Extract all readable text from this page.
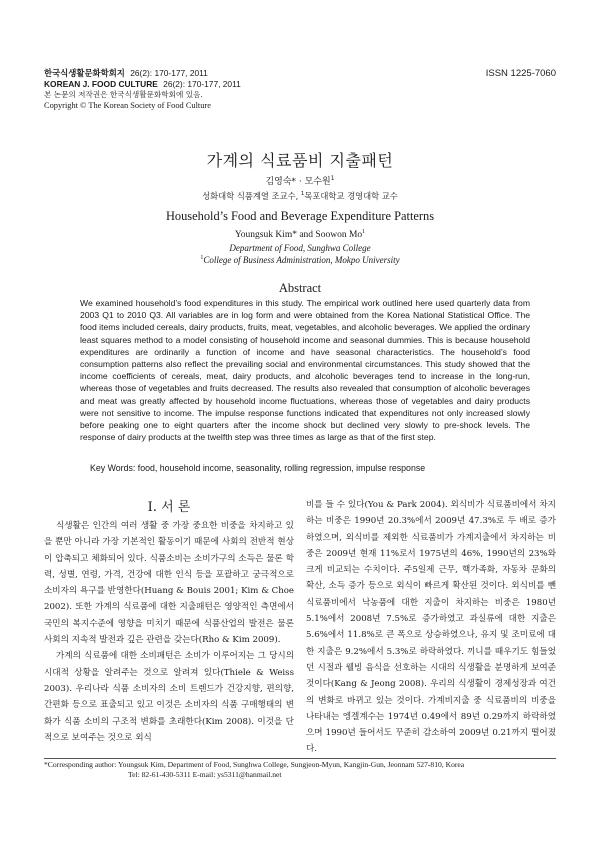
한국식생활문화학회지 26(2): 170-177, 2011
KOREAN J. FOOD CULTURE 26(2): 170-177, 2011
본 논문의 저작권은 한국식생활문화학회에 있음.
Copyright © The Korean Society of Food Culture
ISSN 1225-7060
가계의 식료품비 지출패턴
김영숙* · 모수원$^1$
성화대학 식품계열 조교수, $^1$목포대학교 경영대학 교수
Household’s Food and Beverage Expenditure Patterns
Youngsuk Kim* and Soowon Mo$^1$
Department of Food, Sunghwa College
$^1$College of Business Administration, Mokpo University
Abstract
We examined household’s food expenditures in this study. The empirical work outlined here used quarterly data from 2003 Q1 to 2010 Q3. All variables are in log form and were obtained from the Korea National Statistical Office. The food items included cereals, dairy products, fruits, meat, vegetables, and alcoholic beverages. We applied the ordinary least squares method to a model consisting of household income and seasonal dummies. This is because household expenditures are ordinarily a function of income and have seasonal characteristics. The household’s food consumption patterns also reflect the prevailing social and environmental circumstances. This study showed that the income coefficients of cereals, meat, dairy products, and alcoholic beverages tend to increase in the long-run, whereas those of vegetables and fruits decreased. The results also revealed that consumption of alcoholic beverages and meat was greatly affected by household income fluctuations, whereas those of vegetables and dairy products were not sensitive to income. The impulse response functions indicated that expenditures not only increased slowly before peaking one to eight quarters after the income shock but declined very slowly to pre-shock levels. The response of dairy products at the twelfth step was three times as large as that of the first step.
Key Words: food, household income, seasonality, rolling regression, impulse response
Ⅰ. 서 론

식생활은 인간의 여러 생활 중 가장 중요한 비중을 차지하고 있을 뿐만 아니라 가장 기본적인 활동이기 때문에 사회의 전반적 현상이 압축되고 체화되어 있다. 식품소비는 소비가구의 소득은 물론 학력, 성별, 연령, 가격, 건강에 대한 인식 등을 포괄하고 궁극적으로 소비자의 욕구를 반영한다(Huang & Bouis 2001; Kim & Choe 2002). 또한 가계의 식료품에 대한 지출패턴은 영양적인 측면에서 국민의 복지수준에 영향을 미치기 때문에 식품산업의 발전은 물론 사회의 지속적 발전과 깊은 관련을 갖는다(Rho & Kim 2009).

가계의 식료품에 대한 소비패턴은 소비가 이루어지는 그 당시의 시대적 상황을 알려주는 것으로 알려져 있다(Thiele & Weiss 2003). 우리나라 식품 소비자의 소비 트렌드가 건강지향, 편의향, 간편화 등으로 표출되고 있고 이것은 소비자의 식품 구매행태의 변화가 식품 소비의 구조적 변화를 초래한다(Kim 2008). 이것을 단적으로 보여주는 것으로 외식

비를 들 수 있다(You & Park 2004). 외식비가 식료품비에서 차지하는 비중은 1990년 20.3%에서 2009년 47.3%로 두 배로 증가하였으며, 외식비를 제외한 식료품비가 가계지출에서 차지하는 비중은 2009년 현재 11%로서 1975년의 46%, 1990년의 23%와 크게 비교되는 수치이다. 주5일제 근무, 핵가족화, 자동차 문화의 확산, 소득 증가 등으로 외식이 빠르게 확산된 것이다. 외식비를 뺀 식료품비에서 낙농품에 대한 지출이 차지하는 비중은 1980년 5.1%에서 2008년 7.5%로 증가하였고 과실류에 대한 지출은 5.6%에서 11.8%로 큰 폭으로 상승하였으나, 유지 및 조미료에 대한 지출은 9.2%에서 5.3%로 하락하였다. 끼니를 때우기도 힘들었던 시절과 웰빙 음식을 선호하는 시대의 식생활을 분명하게 보여준 것이다(Kang & Jeong 2008). 우리의 식생활이 경제성장과 여건의 변화로 바뀌고 있는 것이다. 가계비지출 중 식료품비의 비중을 나타내는 엥겔계수는 1974년 0.49에서 89년 0.29까지 하락하였으며 1990년 들어서도 꾸준히 감소하여 2009년 0.21까지 떨어졌다.

*Corresponding author: Youngsuk Kim, Department of Food, Sunghwa College, Sungjeon-Myun, Kangjin-Gun, Jeonnam 527-810, Korea
Tel: 82-61-430-5311 E-mail: ys5311@hanmail.net
